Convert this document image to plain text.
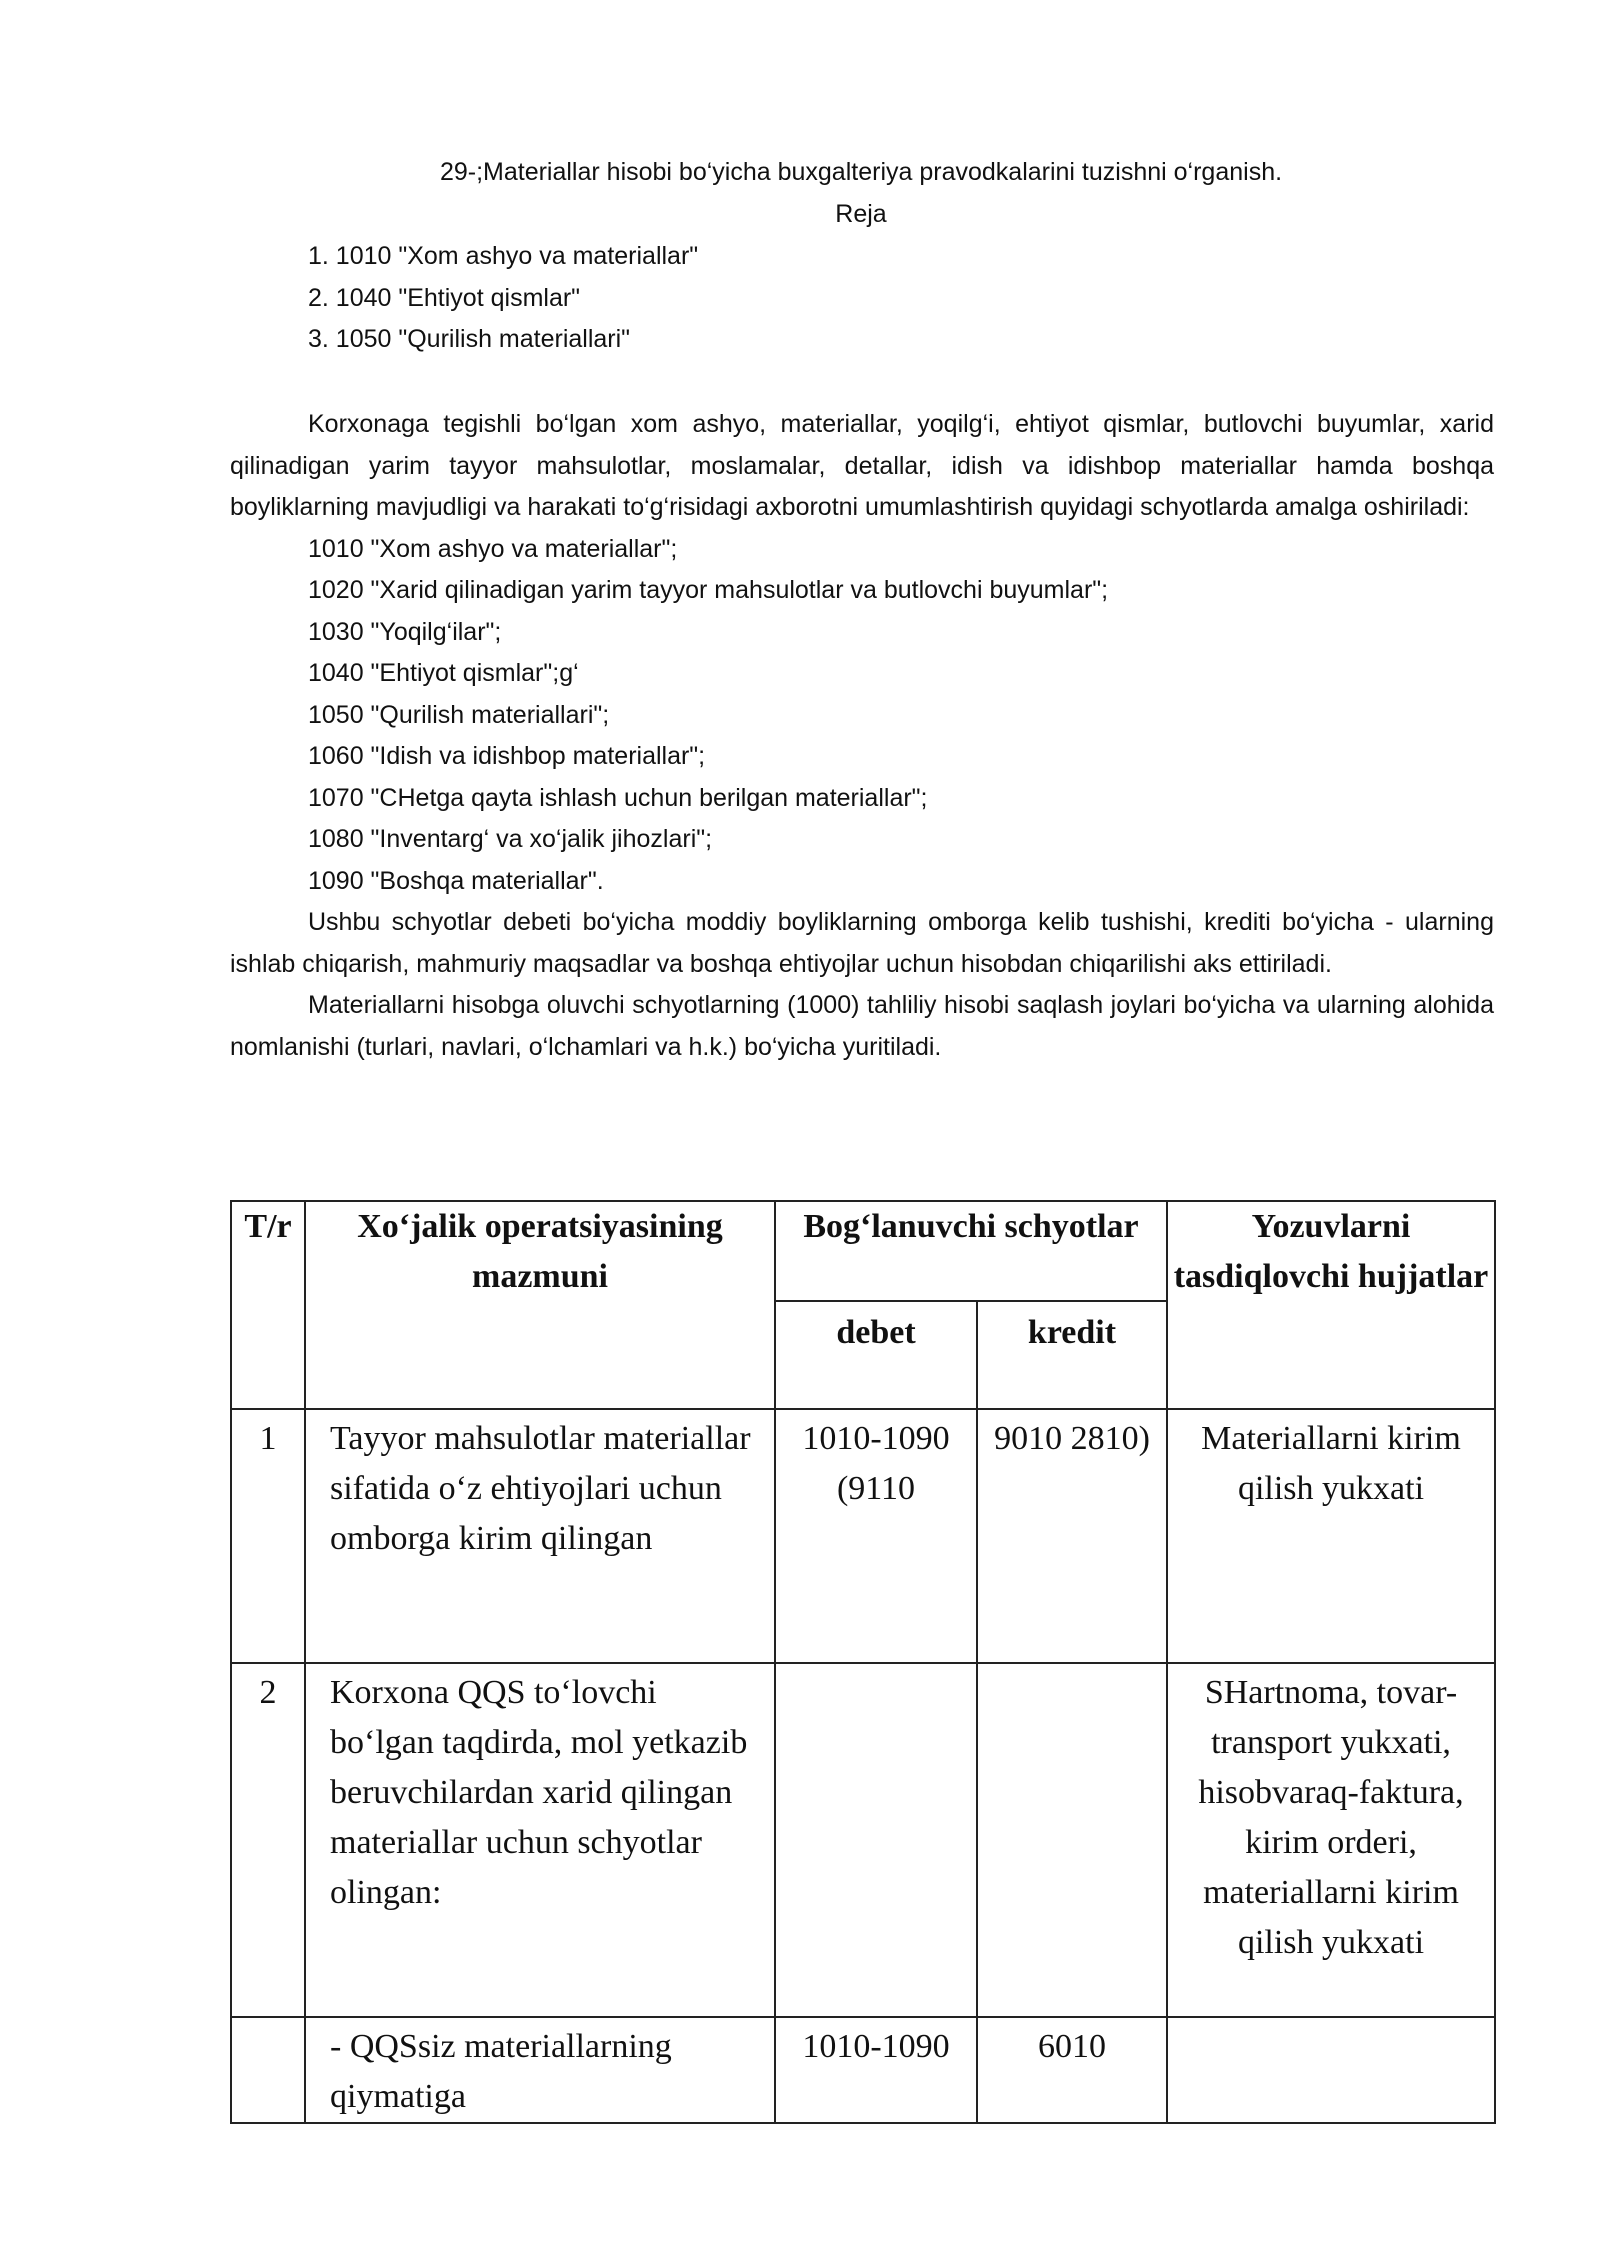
29-;Materiallar hisobi bo‘yicha buxgalteriya pravodkalarini tuzishni o‘rganish.
Reja
1. 1010 "Xom ashyo va materiallar"
2. 1040 "Ehtiyot qismlar"
3. 1050 "Qurilish materiallari"

Korxonaga tegishli bo‘lgan xom ashyo, materiallar, yoqilg‘i, ehtiyot qismlar, butlovchi buyumlar, xarid qilinadigan yarim tayyor mahsulotlar, moslamalar, detallar, idish va idishbop materiallar hamda boshqa boyliklarning mavjudligi va harakati to‘g‘risidagi axborotni umumlashtirish quyidagi schyotlarda amalga oshiriladi:

1010 "Xom ashyo va materiallar";
1020 "Xarid qilinadigan yarim tayyor mahsulotlar va butlovchi buyumlar";
1030 "Yoqilg‘ilar";
1040 "Ehtiyot qismlar";g‘
1050 "Qurilish materiallari";
1060 "Idish va idishbop materiallar";
1070 "CHetga qayta ishlash uchun berilgan materiallar";
1080 "Inventarg‘ va xo‘jalik jihozlari";
1090 "Boshqa materiallar".

Ushbu schyotlar debeti bo‘yicha moddiy boyliklarning omborga kelib tushishi, krediti bo‘yicha - ularning ishlab chiqarish, mahmuriy maqsadlar va boshqa ehtiyojlar uchun hisobdan chiqarilishi aks ettiriladi.

Materiallarni hisobga oluvchi schyotlarning (1000) tahliliy hisobi saqlash joylari bo‘yicha va ularning alohida nomlanishi (turlari, navlari, o‘lchamlari va h.k.) bo‘yicha yuritiladi.

T/r	Xo‘jalik operatsiyasining mazmuni	Bog‘lanuvchi schyotlar		Yozuvlarni tasdiqlovchi hujjatlar
		debet	kredit	
1	Tayyor mahsulotlar materiallar sifatida o‘z ehtiyojlari uchun omborga kirim qilingan	1010-1090 (9110	9010 2810)	Materiallarni kirim qilish yukxati
2	Korxona QQS to‘lovchi bo‘lgan taqdirda, mol yetkazib beruvchilardan xarid qilingan materiallar uchun schyotlar olingan:			SHartnoma, tovar-transport yukxati, hisobvaraq-faktura, kirim orderi, materiallarni kirim qilish yukxati
	- QQSsiz materiallarning qiymatiga	1010-1090	6010	
